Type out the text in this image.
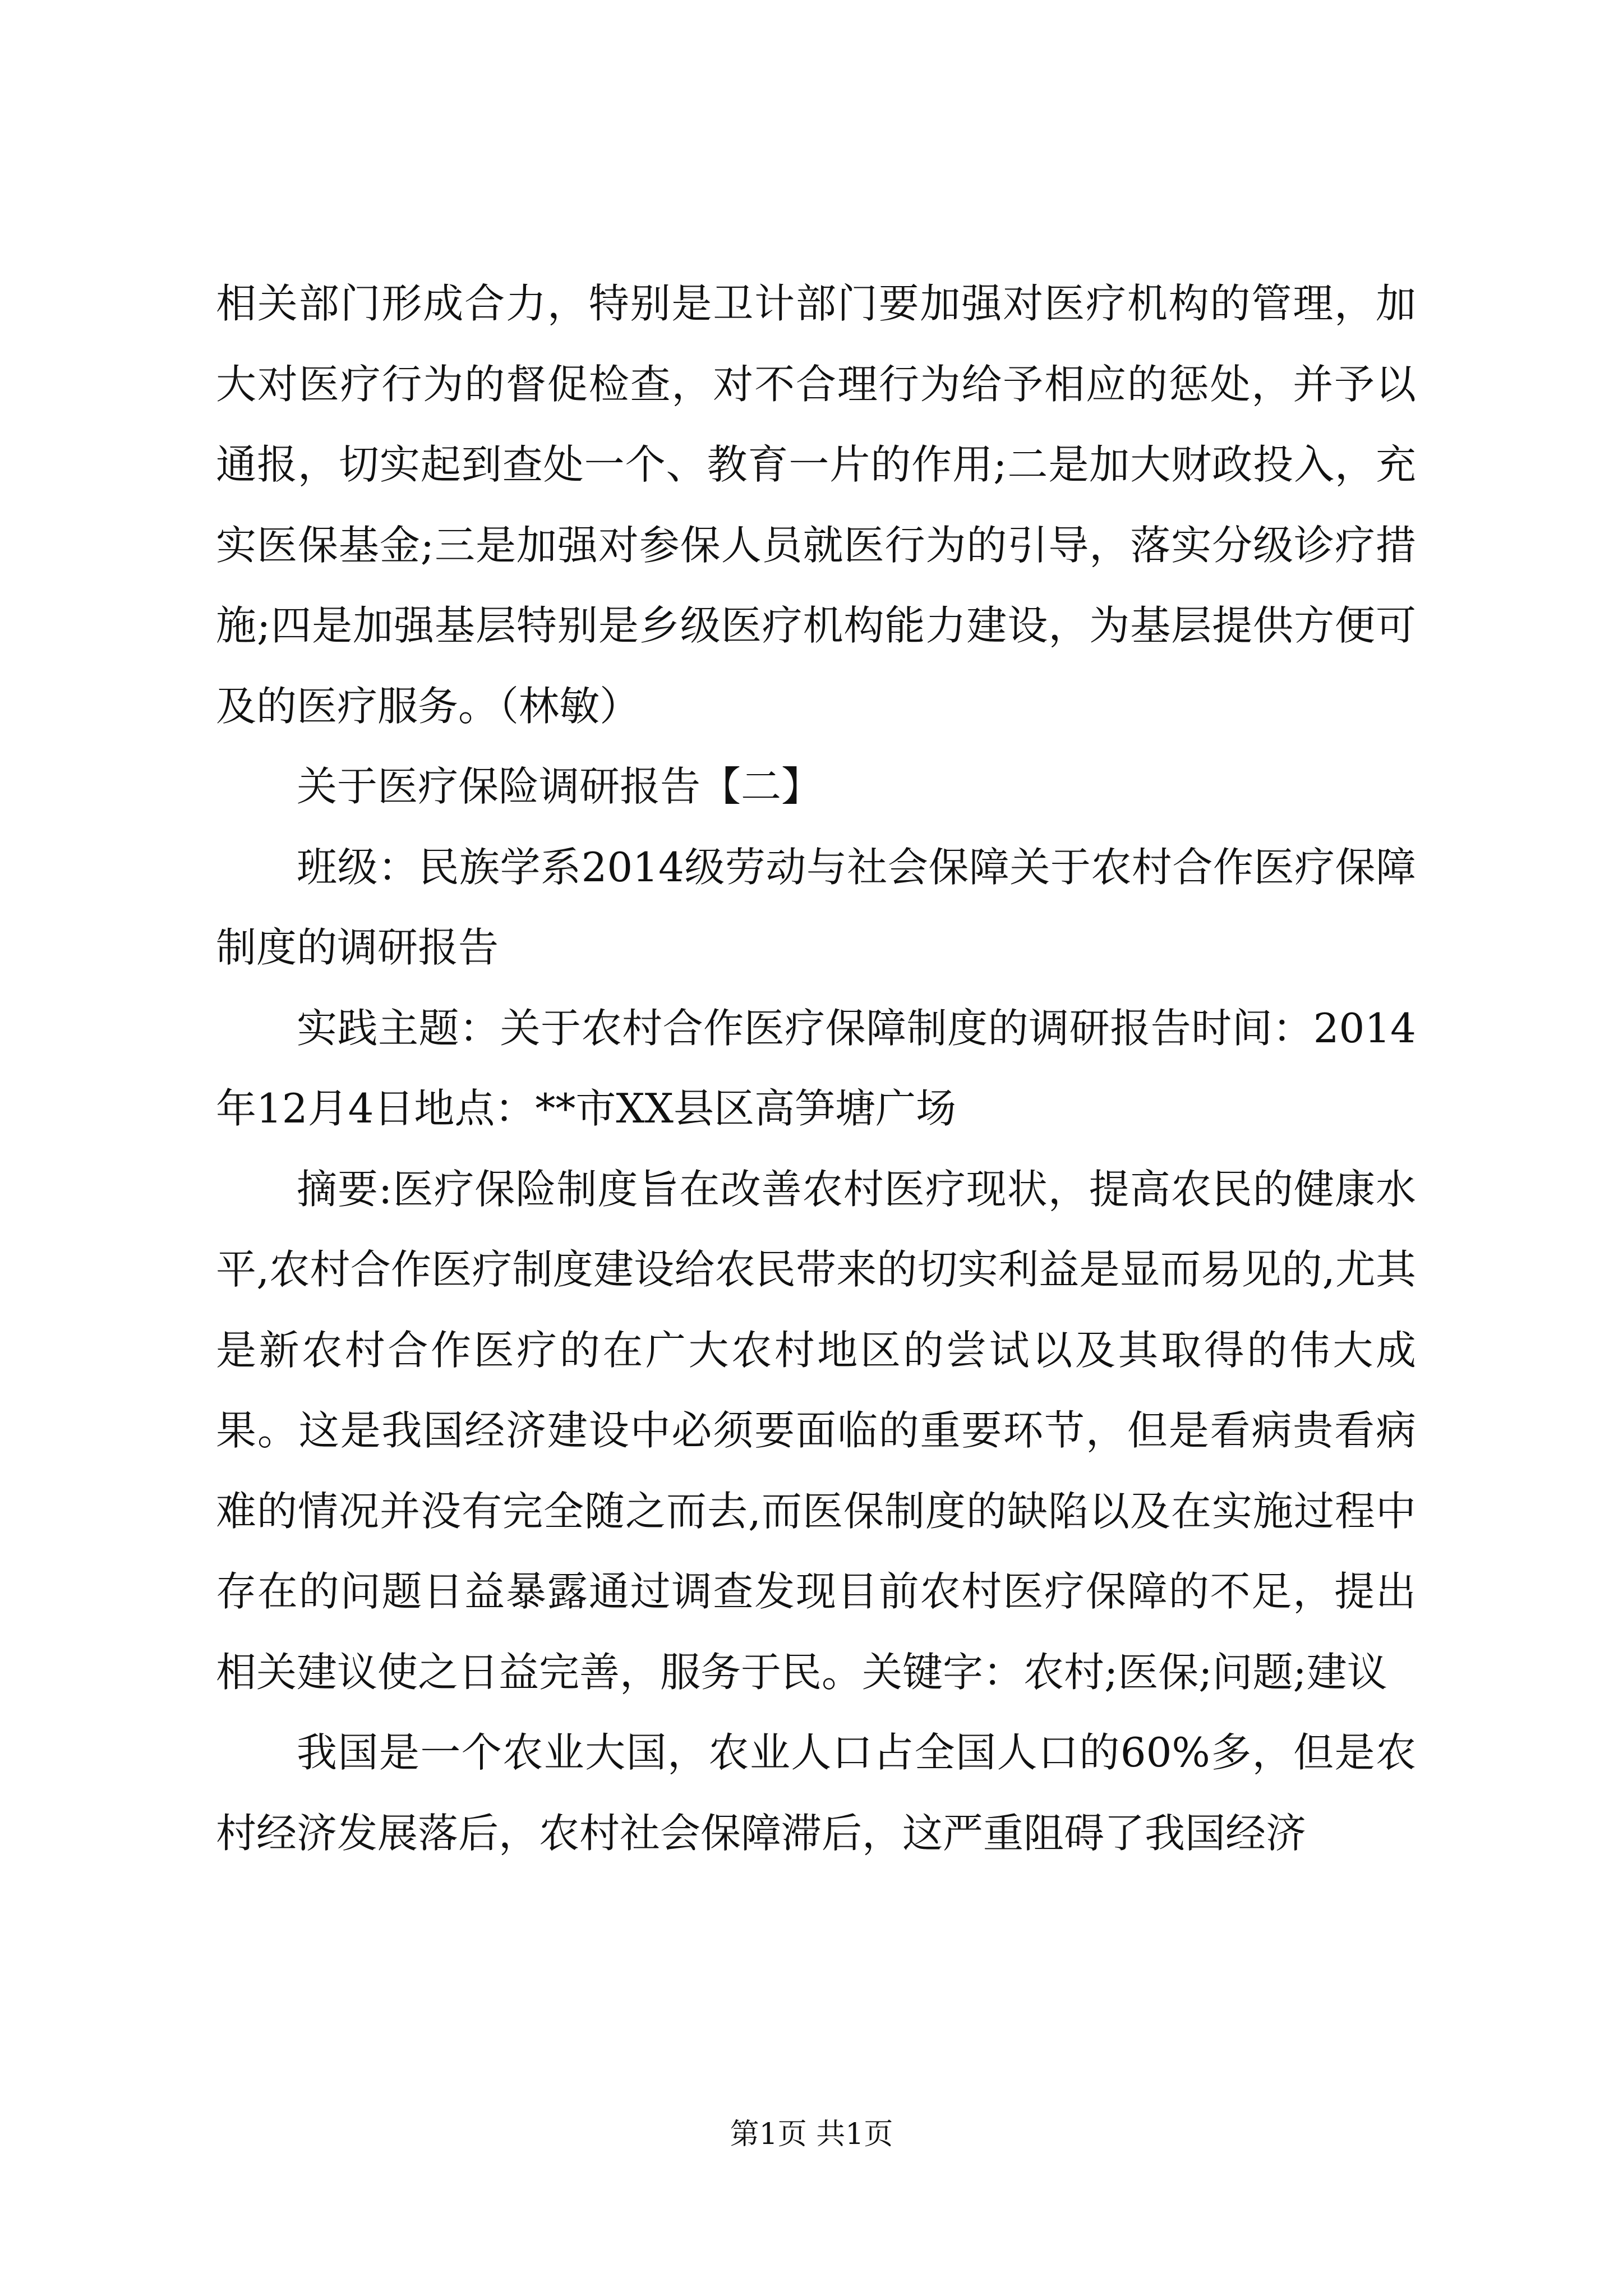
相关部门形成合力，特别是卫计部门要加强对医疗机构的管理，加大对医疗行为的督促检查，对不合理行为给予相应的惩处，并予以通报，切实起到查处一个、教育一片的作用;二是加大财政投入，充实医保基金;三是加强对参保人员就医行为的引导，落实分级诊疗措施;四是加强基层特别是乡级医疗机构能力建设，为基层提供方便可及的医疗服务。（林敏）

关于医疗保险调研报告【二】

班级：民族学系2014级劳动与社会保障关于农村合作医疗保障制度的调研报告

实践主题：关于农村合作医疗保障制度的调研报告时间：2014年12月4日地点：**市XX县区高笋塘广场

摘要:医疗保险制度旨在改善农村医疗现状，提高农民的健康水平,农村合作医疗制度建设给农民带来的切实利益是显而易见的,尤其是新农村合作医疗的在广大农村地区的尝试以及其取得的伟大成果。这是我国经济建设中必须要面临的重要环节，但是看病贵看病难的情况并没有完全随之而去,而医保制度的缺陷以及在实施过程中存在的问题日益暴露通过调查发现目前农村医疗保障的不足，提出相关建议使之日益完善，服务于民。关键字：农村;医保;问题;建议

我国是一个农业大国，农业人口占全国人口的60%多，但是农村经济发展落后，农村社会保障滞后，这严重阻碍了我国经济

第1页 共1页
